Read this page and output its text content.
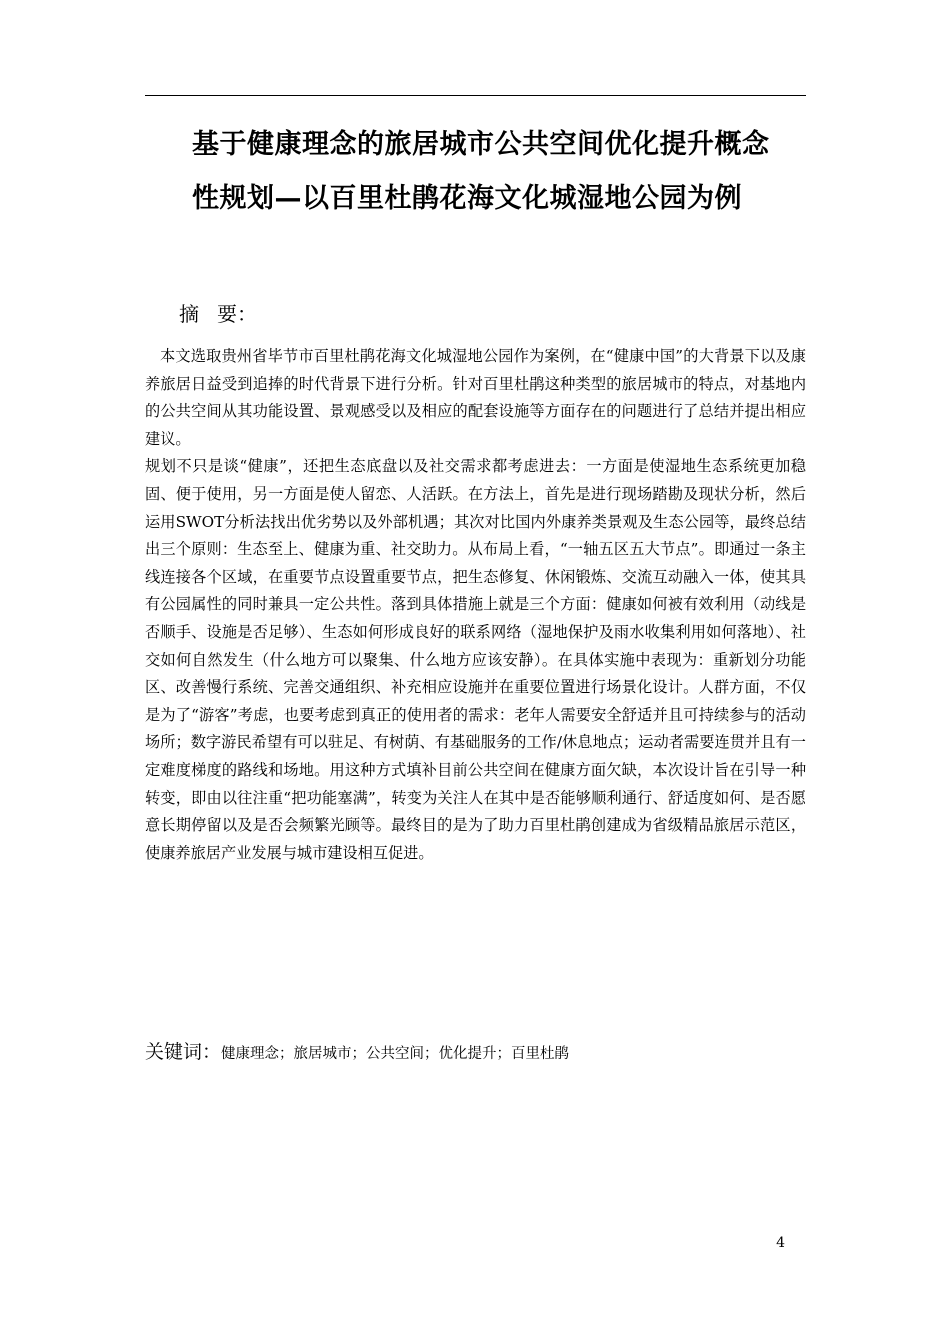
基于健康理念的旅居城市公共空间优化提升概念
性规划—以百里杜鹃花海文化城湿地公园为例
摘 要：

本文选取贵州省毕节市百里杜鹃花海文化城湿地公园作为案例，在“健康中国”的大背景下以及康养旅居日益受到追捧的时代背景下进行分析。针对百里杜鹃这种类型的旅居城市的特点，对基地内的公共空间从其功能设置、景观感受以及相应的配套设施等方面存在的问题进行了总结并提出相应建议。

规划不只是谈“健康”，还把生态底盘以及社交需求都考虑进去：一方面是使湿地生态系统更加稳固、便于使用，另一方面是使人留恋、人活跃。在方法上，首先是进行现场踏勘及现状分析，然后运用SWOT分析法找出优劣势以及外部机遇；其次对比国内外康养类景观及生态公园等，最终总结出三个原则：生态至上、健康为重、社交助力。从布局上看，“一轴五区五大节点”。即通过一条主线连接各个区域，在重要节点设置重要节点，把生态修复、休闲锻炼、交流互动融入一体，使其具有公园属性的同时兼具一定公共性。落到具体措施上就是三个方面：健康如何被有效利用（动线是否顺手、设施是否足够）、生态如何形成良好的联系网络（湿地保护及雨水收集利用如何落地）、社交如何自然发生（什么地方可以聚集、什么地方应该安静）。在具体实施中表现为：重新划分功能区、改善慢行系统、完善交通组织、补充相应设施并在重要位置进行场景化设计。人群方面，不仅是为了“游客”考虑，也要考虑到真正的使用者的需求：老年人需要安全舒适并且可持续参与的活动场所；数字游民希望有可以驻足、有树荫、有基础服务的工作/休息地点；运动者需要连贯并且有一定难度梯度的路线和场地。用这种方式填补目前公共空间在健康方面欠缺，本次设计旨在引导一种转变，即由以往注重“把功能塞满”，转变为关注人在其中是否能够顺利通行、舒适度如何、是否愿意长期停留以及是否会频繁光顾等。最终目的是为了助力百里杜鹃创建成为省级精品旅居示范区，使康养旅居产业发展与城市建设相互促进。

关键词：健康理念；旅居城市；公共空间；优化提升；百里杜鹃
4
